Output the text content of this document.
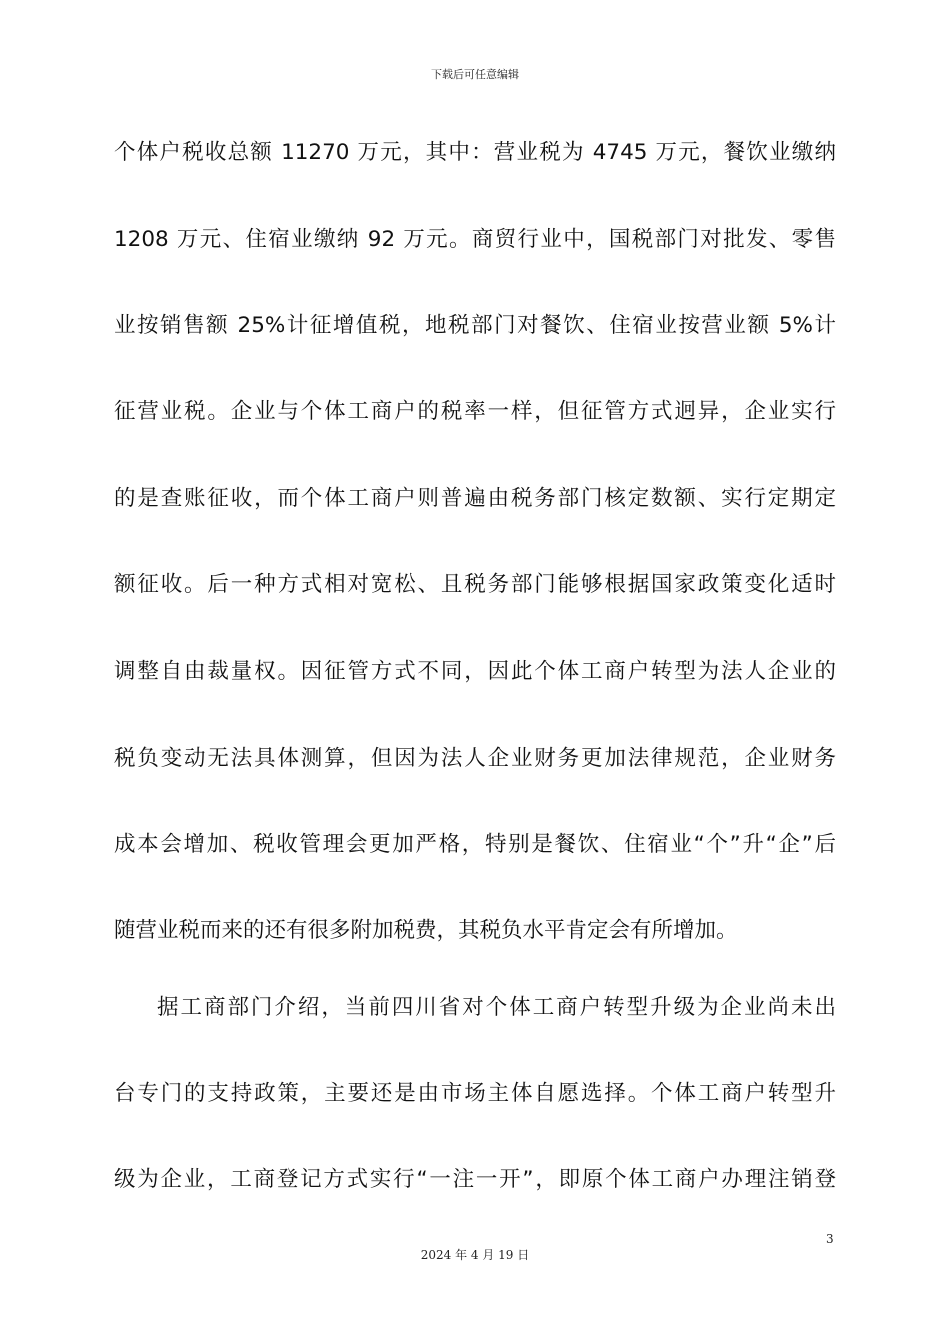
下载后可任意编辑
个体户税收总额 11270 万元，其中：营业税为 4745 万元，餐饮业缴纳
1208 万元、住宿业缴纳 92 万元。商贸行业中，国税部门对批发、零售
业按销售额 25%计征增值税，地税部门对餐饮、住宿业按营业额 5%计
征营业税。企业与个体工商户的税率一样，但征管方式迥异，企业实行
的是查账征收，而个体工商户则普遍由税务部门核定数额、实行定期定
额征收。后一种方式相对宽松、且税务部门能够根据国家政策变化适时
调整自由裁量权。因征管方式不同，因此个体工商户转型为法人企业的
税负变动无法具体测算，但因为法人企业财务更加法律规范，企业财务
成本会增加、税收管理会更加严格，特别是餐饮、住宿业“个”升“企”后
随营业税而来的还有很多附加税费，其税负水平肯定会有所增加。
据工商部门介绍，当前四川省对个体工商户转型升级为企业尚未出
台专门的支持政策，主要还是由市场主体自愿选择。个体工商户转型升
级为企业，工商登记方式实行“一注一开”，即原个体工商户办理注销登
3
2024 年 4 月 19 日
